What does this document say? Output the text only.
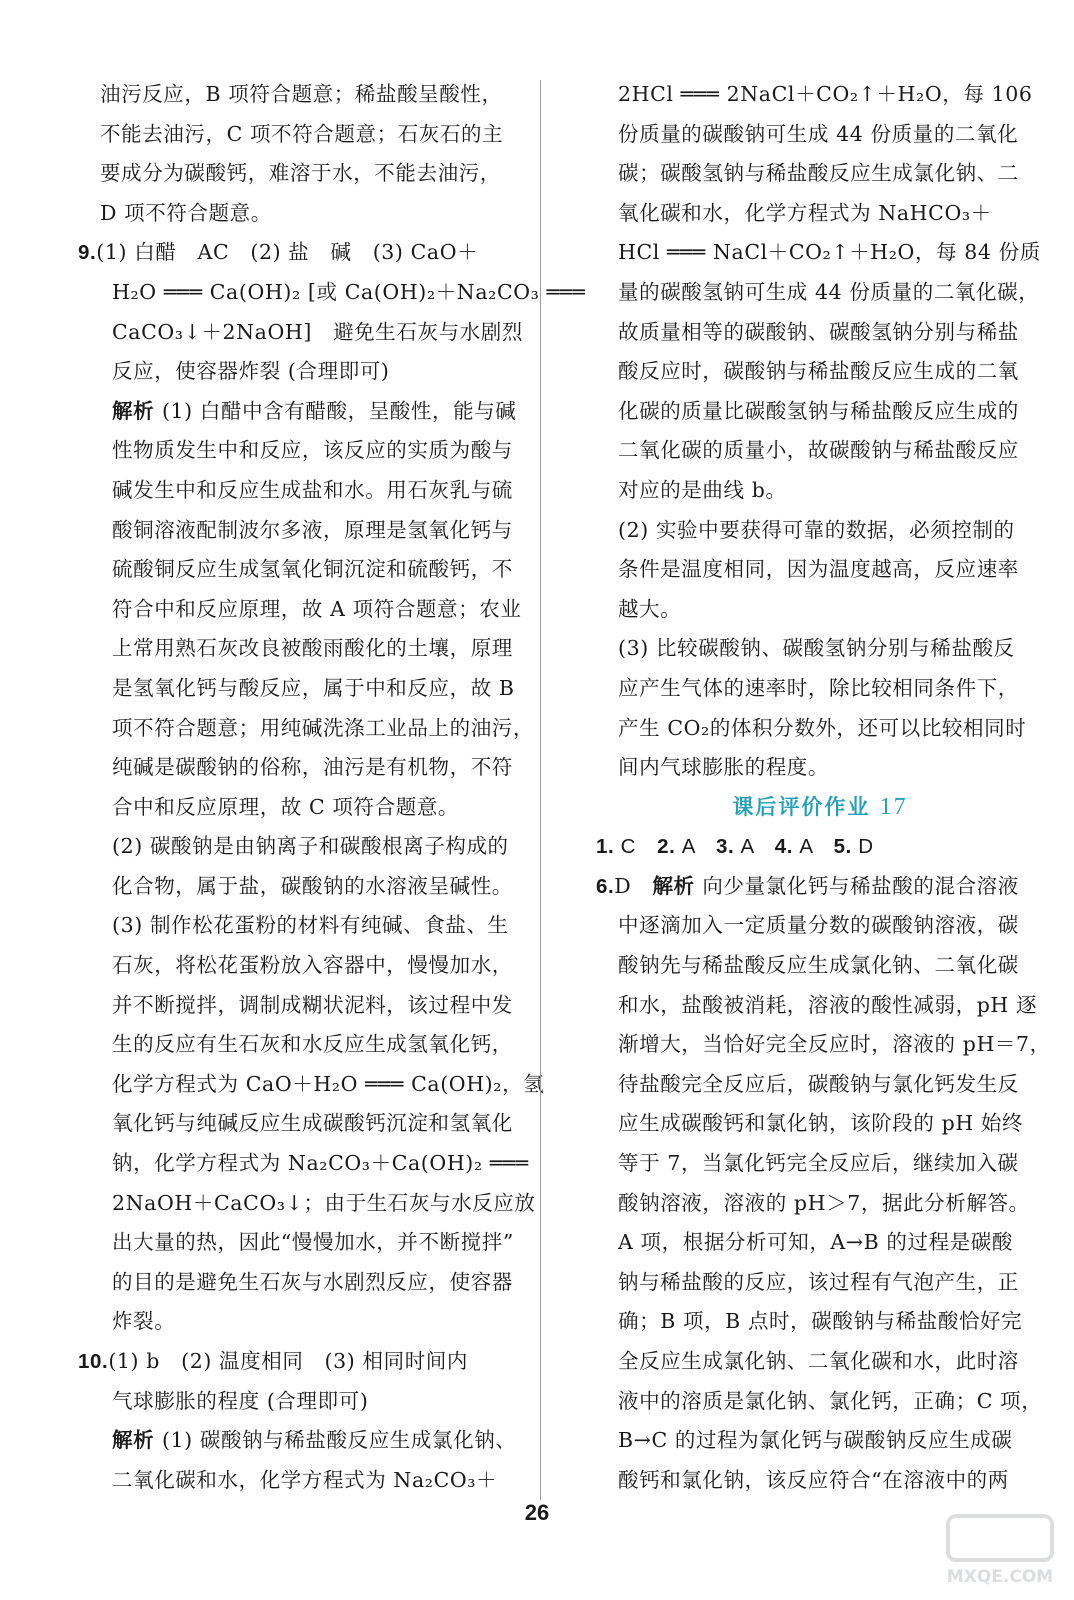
油污反应，B 项符合题意；稀盐酸呈酸性，
不能去油污，C 项不符合题意；石灰石的主
要成分为碳酸钙，难溶于水，不能去油污，
D 项不符合题意。
9.(1) 白醋　AC　(2) 盐　碱　(3) CaO＋
H₂O ═══ Ca(OH)₂ [或 Ca(OH)₂＋Na₂CO₃ ═══
CaCO₃↓＋2NaOH]　避免生石灰与水剧烈
反应，使容器炸裂 (合理即可)
解析 (1) 白醋中含有醋酸，呈酸性，能与碱
性物质发生中和反应，该反应的实质为酸与
碱发生中和反应生成盐和水。用石灰乳与硫
酸铜溶液配制波尔多液，原理是氢氧化钙与
硫酸铜反应生成氢氧化铜沉淀和硫酸钙，不
符合中和反应原理，故 A 项符合题意；农业
上常用熟石灰改良被酸雨酸化的土壤，原理
是氢氧化钙与酸反应，属于中和反应，故 B
项不符合题意；用纯碱洗涤工业品上的油污，
纯碱是碳酸钠的俗称，油污是有机物，不符
合中和反应原理，故 C 项符合题意。
(2) 碳酸钠是由钠离子和碳酸根离子构成的
化合物，属于盐，碳酸钠的水溶液呈碱性。
(3) 制作松花蛋粉的材料有纯碱、食盐、生
石灰，将松花蛋粉放入容器中，慢慢加水，
并不断搅拌，调制成糊状泥料，该过程中发
生的反应有生石灰和水反应生成氢氧化钙，
化学方程式为 CaO＋H₂O ═══ Ca(OH)₂，氢
氧化钙与纯碱反应生成碳酸钙沉淀和氢氧化
钠，化学方程式为 Na₂CO₃＋Ca(OH)₂ ═══
2NaOH＋CaCO₃↓；由于生石灰与水反应放
出大量的热，因此“慢慢加水，并不断搅拌”
的目的是避免生石灰与水剧烈反应，使容器
炸裂。
10.(1) b　(2) 温度相同　(3) 相同时间内
气球膨胀的程度 (合理即可)
解析 (1) 碳酸钠与稀盐酸反应生成氯化钠、
二氧化碳和水，化学方程式为 Na₂CO₃＋
2HCl ═══ 2NaCl＋CO₂↑＋H₂O，每 106
份质量的碳酸钠可生成 44 份质量的二氧化
碳；碳酸氢钠与稀盐酸反应生成氯化钠、二
氧化碳和水，化学方程式为 NaHCO₃＋
HCl ═══ NaCl＋CO₂↑＋H₂O，每 84 份质
量的碳酸氢钠可生成 44 份质量的二氧化碳，
故质量相等的碳酸钠、碳酸氢钠分别与稀盐
酸反应时，碳酸钠与稀盐酸反应生成的二氧
化碳的质量比碳酸氢钠与稀盐酸反应生成的
二氧化碳的质量小，故碳酸钠与稀盐酸反应
对应的是曲线 b。
(2) 实验中要获得可靠的数据，必须控制的
条件是温度相同，因为温度越高，反应速率
越大。
(3) 比较碳酸钠、碳酸氢钠分别与稀盐酸反
应产生气体的速率时，除比较相同条件下，
产生 CO₂的体积分数外，还可以比较相同时
间内气球膨胀的程度。
课后评价作业 17
1. C　2. A　3. A　4. A　5. D
6.D　解析 向少量氯化钙与稀盐酸的混合溶液
中逐滴加入一定质量分数的碳酸钠溶液，碳
酸钠先与稀盐酸反应生成氯化钠、二氧化碳
和水，盐酸被消耗，溶液的酸性减弱，pH 逐
渐增大，当恰好完全反应时，溶液的 pH＝7，
待盐酸完全反应后，碳酸钠与氯化钙发生反
应生成碳酸钙和氯化钠，该阶段的 pH 始终
等于 7，当氯化钙完全反应后，继续加入碳
酸钠溶液，溶液的 pH＞7，据此分析解答。
A 项，根据分析可知，A→B 的过程是碳酸
钠与稀盐酸的反应，该过程有气泡产生，正
确；B 项，B 点时，碳酸钠与稀盐酸恰好完
全反应生成氯化钠、二氧化碳和水，此时溶
液中的溶质是氯化钠、氯化钙，正确；C 项，
B→C 的过程为氯化钙与碳酸钠反应生成碳
酸钙和氯化钠，该反应符合“在溶液中的两
26
MXQE.COM
